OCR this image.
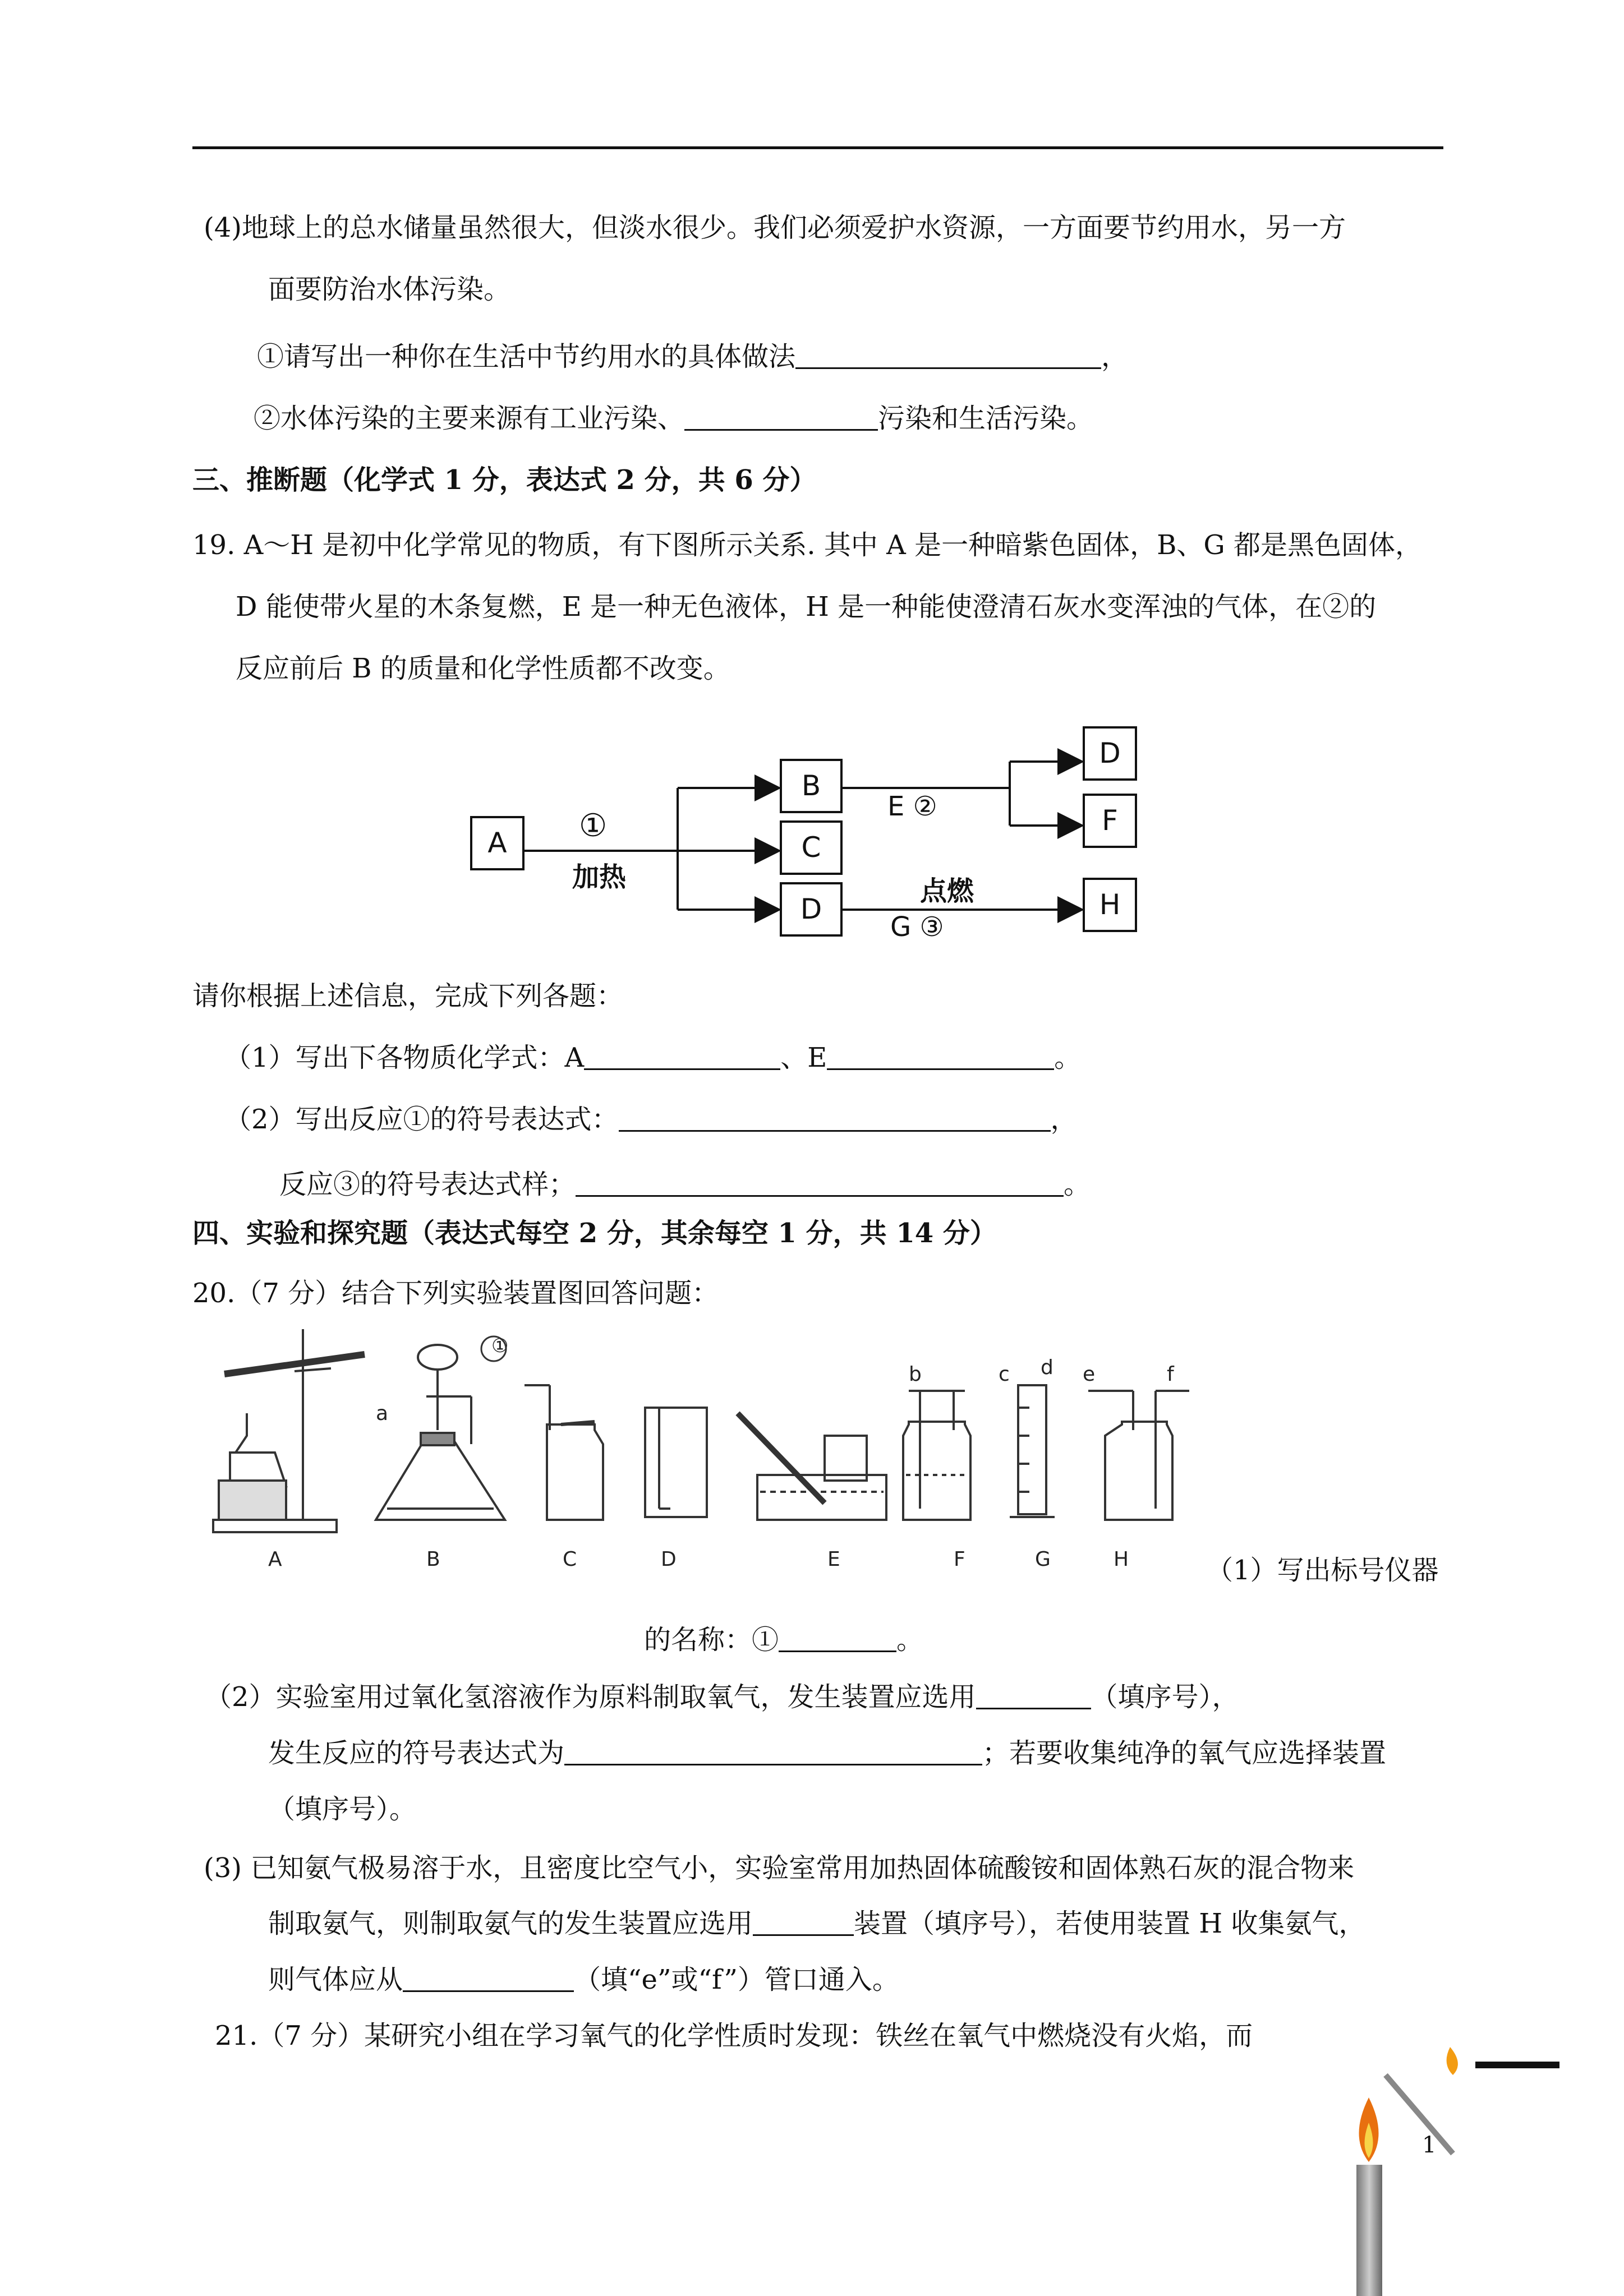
(4)地球上的总水储量虽然很大，但淡水很少。我们必须爱护水资源，一方面要节约用水，另一方
面要防治水体污染。
①请写出一种你在生活中节约用水的具体做法	，
②水体污染的主要来源有工业污染、	污染和生活污染。
三、推断题（化学式 1 分，表达式 2 分，共 6 分）
19. A～H 是初中化学常见的物质，有下图所示关系. 其中 A 是一种暗紫色固体，B、G 都是黑色固体，
D 能使带火星的木条复燃，E 是一种无色液体，H 是一种能使澄清石灰水变浑浊的气体，在②的
反应前后 B 的质量和化学性质都不改变。
A
B
C
D
D
F
H
①
加热
E ②
点燃
G ③
请你根据上述信息，完成下列各题：
（1）写出下各物质化学式：A	、E	。
（2）写出反应①的符号表达式：	，
反应③的符号表达式样；	。
四、实验和探究题（表达式每空 2 分，其余每空 1 分，共 14 分）
20.（7 分）结合下列实验装置图回答问题：
①
a
b	c d e	f
A	B	C	D	E	F	G	H	（1）写出标号仪器
的名称：①	。
（2）实验室用过氧化氢溶液作为原料制取氧气，发生装置应选用	（填序号），
发生反应的符号表达式为	；若要收集纯净的氧气应选择装置
（填序号）。
(3) 已知氨气极易溶于水，且密度比空气小，实验室常用加热固体硫酸铵和固体熟石灰的混合物来
制取氨气，则制取氨气的发生装置应选用	装置（填序号），若使用装置 H 收集氨气，
则气体应从	（填“e”或“f”）管口通入。
21.（7 分）某研究小组在学习氧气的化学性质时发现：铁丝在氧气中燃烧没有火焰，而
1
